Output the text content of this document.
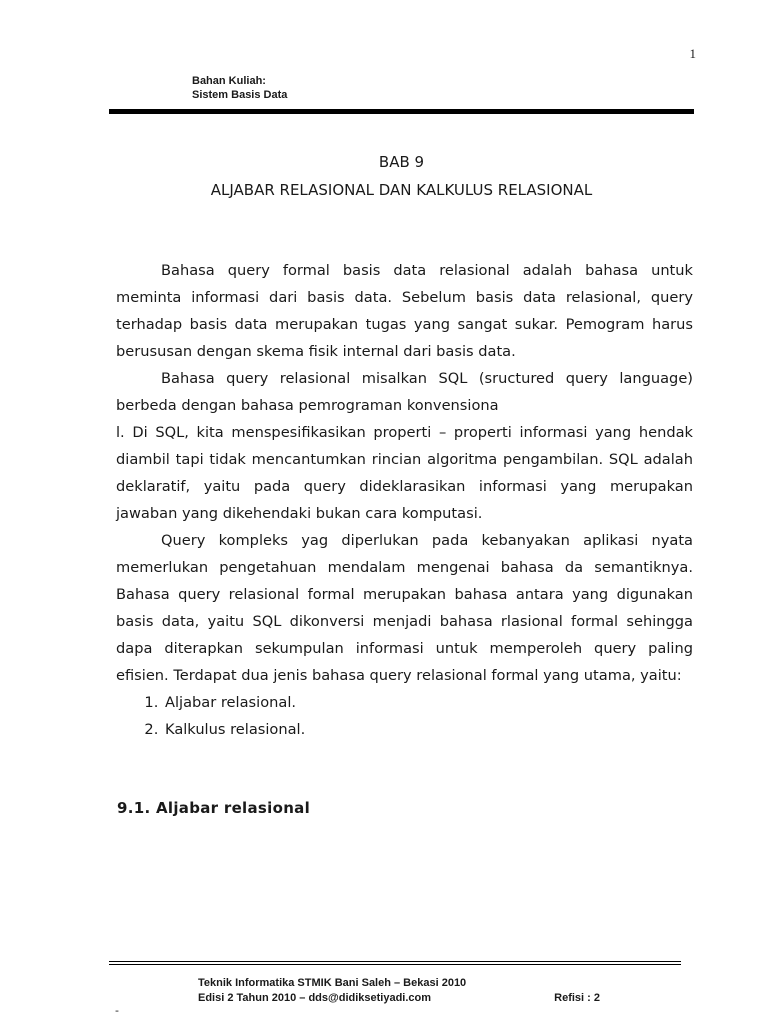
1
Bahan Kuliah:
Sistem Basis Data
BAB 9
ALJABAR RELASIONAL DAN KALKULUS RELASIONAL

Bahasa query formal basis data relasional adalah bahasa untuk meminta informasi dari basis data. Sebelum basis data relasional, query terhadap basis data merupakan tugas yang sangat sukar. Pemogram harus berususan dengan skema fisik internal dari basis data.

Bahasa query relasional misalkan SQL (sructured query language) berbeda dengan bahasa pemrograman konvensiona

l. Di SQL, kita menspesifikasikan properti – properti informasi yang hendak diambil tapi tidak mencantumkan rincian algoritma pengambilan. SQL adalah deklaratif, yaitu pada query dideklarasikan informasi yang merupakan jawaban yang dikehendaki bukan cara komputasi.

Query kompleks yag diperlukan pada kebanyakan aplikasi nyata memerlukan pengetahuan mendalam mengenai bahasa da semantiknya. Bahasa query relasional formal merupakan bahasa antara yang digunakan basis data, yaitu SQL dikonversi menjadi bahasa rlasional formal sehingga dapa diterapkan sekumpulan informasi untuk memperoleh query paling efisien. Terdapat dua jenis bahasa query relasional formal yang utama, yaitu:

1. Aljabar relasional.
2. Kalkulus relasional.
9.1. Aljabar relasional
Teknik Informatika STMIK Bani Saleh – Bekasi 2010
Edisi 2 Tahun 2010 – dds@didiksetiyadi.com	Refisi : 2
-
